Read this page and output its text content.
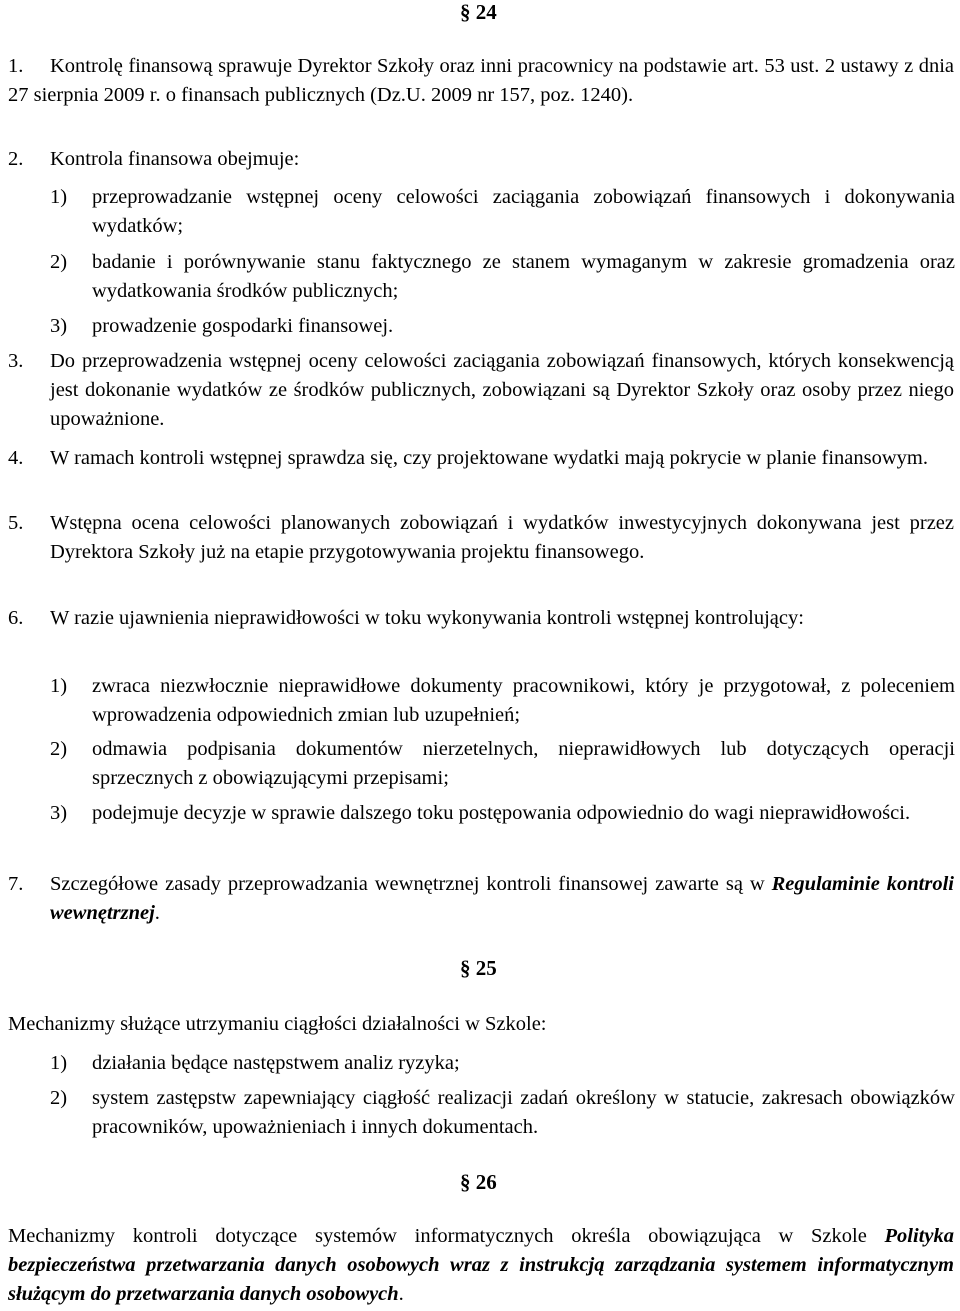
§ 24
1.	Kontrolę finansową sprawuje Dyrektor Szkoły oraz inni pracownicy na podstawie art. 53 ust. 2 ustawy z dnia 27 sierpnia 2009 r. o finansach publicznych (Dz.U. 2009 nr 157, poz. 1240).
2. Kontrola finansowa obejmuje:
1) przeprowadzanie wstępnej oceny celowości zaciągania zobowiązań finansowych i dokonywania wydatków;
2) badanie i porównywanie stanu faktycznego ze stanem wymaganym w zakresie gromadzenia oraz wydatkowania środków publicznych;
3) prowadzenie gospodarki finansowej.
3. Do przeprowadzenia wstępnej oceny celowości zaciągania zobowiązań finansowych, których konsekwencją jest dokonanie wydatków ze środków publicznych, zobowiązani są Dyrektor Szkoły oraz osoby przez niego upoważnione.
4. W ramach kontroli wstępnej sprawdza się, czy projektowane wydatki mają pokrycie w planie finansowym.
5. Wstępna ocena celowości planowanych zobowiązań i wydatków inwestycyjnych dokonywana jest przez Dyrektora Szkoły już na etapie przygotowywania projektu finansowego.
6. W razie ujawnienia nieprawidłowości w toku wykonywania kontroli wstępnej kontrolujący:
1) zwraca niezwłocznie nieprawidłowe dokumenty pracownikowi, który je przygotował, z poleceniem wprowadzenia odpowiednich zmian lub uzupełnień;
2) odmawia podpisania dokumentów nierzetelnych, nieprawidłowych lub dotyczących operacji sprzecznych z obowiązującymi przepisami;
3) podejmuje decyzje w sprawie dalszego toku postępowania odpowiednio do wagi nieprawidłowości.
7. Szczegółowe zasady przeprowadzania wewnętrznej kontroli finansowej zawarte są w Regulaminie kontroli wewnętrznej.
§ 25
Mechanizmy służące utrzymaniu ciągłości działalności w Szkole:
1) działania będące następstwem analiz ryzyka;
2) system zastępstw zapewniający ciągłość realizacji zadań określony w statucie, zakresach obowiązków pracowników, upoważnieniach i innych dokumentach.
§ 26
Mechanizmy kontroli dotyczące systemów informatycznych określa obowiązująca w Szkole Polityka bezpieczeństwa przetwarzania danych osobowych wraz z instrukcją zarządzania systemem informatycznym służącym do przetwarzania danych osobowych.
